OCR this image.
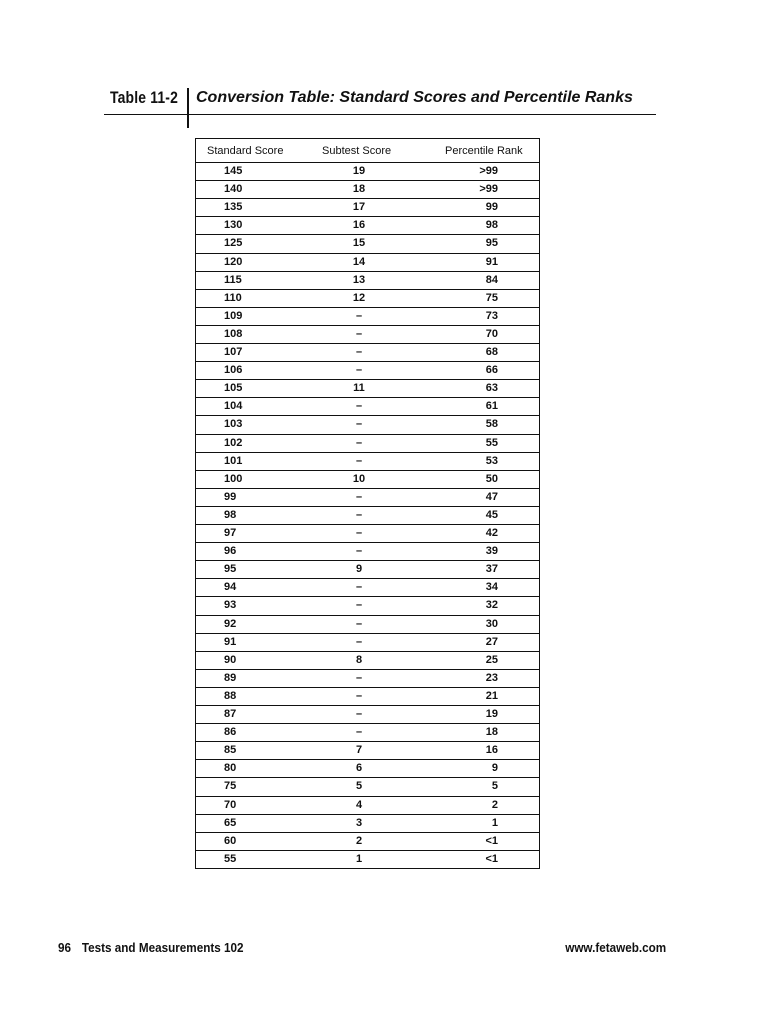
Table 11-2 Conversion Table: Standard Scores and Percentile Ranks
Standard Score	Subtest Score	Percentile Rank
145	19	>99
140	18	>99
135	17	99
130	16	98
125	15	95
120	14	91
115	13	84
110	12	75
109	–	73
108	–	70
107	–	68
106	–	66
105	11	63
104	–	61
103	–	58
102	–	55
101	–	53
100	10	50
99	–	47
98	–	45
97	–	42
96	–	39
95	9	37
94	–	34
93	–	32
92	–	30
91	–	27
90	8	25
89	–	23
88	–	21
87	–	19
86	–	18
85	7	16
80	6	9
75	5	5
70	4	2
65	3	1
60	2	<1
55	1	<1
96 Tests and Measurements 102	www.fetaweb.com
